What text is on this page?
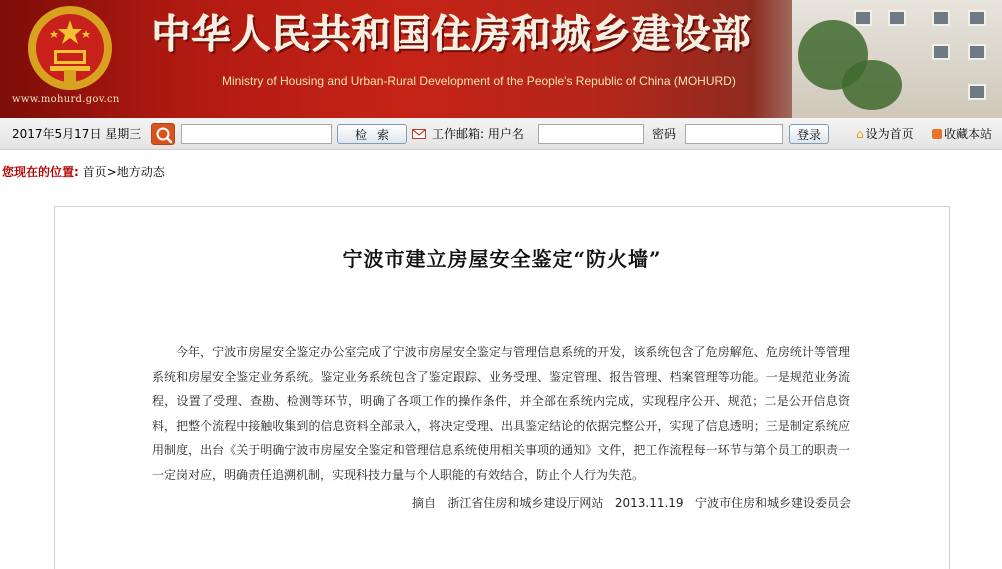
www.mohurd.gov.cn
中华人民共和国住房和城乡建设部
Ministry of Housing and Urban-Rural Development of the People's Republic of China (MOHURD)
2017年5月17日 星期三	检索	工作邮箱: 用户名	密码	登录	⌂ 设为首页	收藏本站
您现在的位置: 首页>地方动态
宁波市建立房屋安全鉴定“防火墙”

今年，宁波市房屋安全鉴定办公室完成了宁波市房屋安全鉴定与管理信息系统的开发，该系统包含了危房解危、危房统计等管理系统和房屋安全鉴定业务系统。鉴定业务系统包含了鉴定跟踪、业务受理、鉴定管理、报告管理、档案管理等功能。一是规范业务流程，设置了受理、查勘、检测等环节，明确了各项工作的操作条件，并全部在系统内完成，实现程序公开、规范；二是公开信息资料，把整个流程中接触收集到的信息资料全部录入，将决定受理、出具鉴定结论的依据完整公开，实现了信息透明；三是制定系统应用制度，出台《关于明确宁波市房屋安全鉴定和管理信息系统使用相关事项的通知》文件，把工作流程每一环节与第个员工的职责一一定岗对应，明确责任追溯机制，实现科技力量与个人职能的有效结合，防止个人行为失范。

摘自   浙江省住房和城乡建设厅网站   2013.11.19   宁波市住房和城乡建设委员会
